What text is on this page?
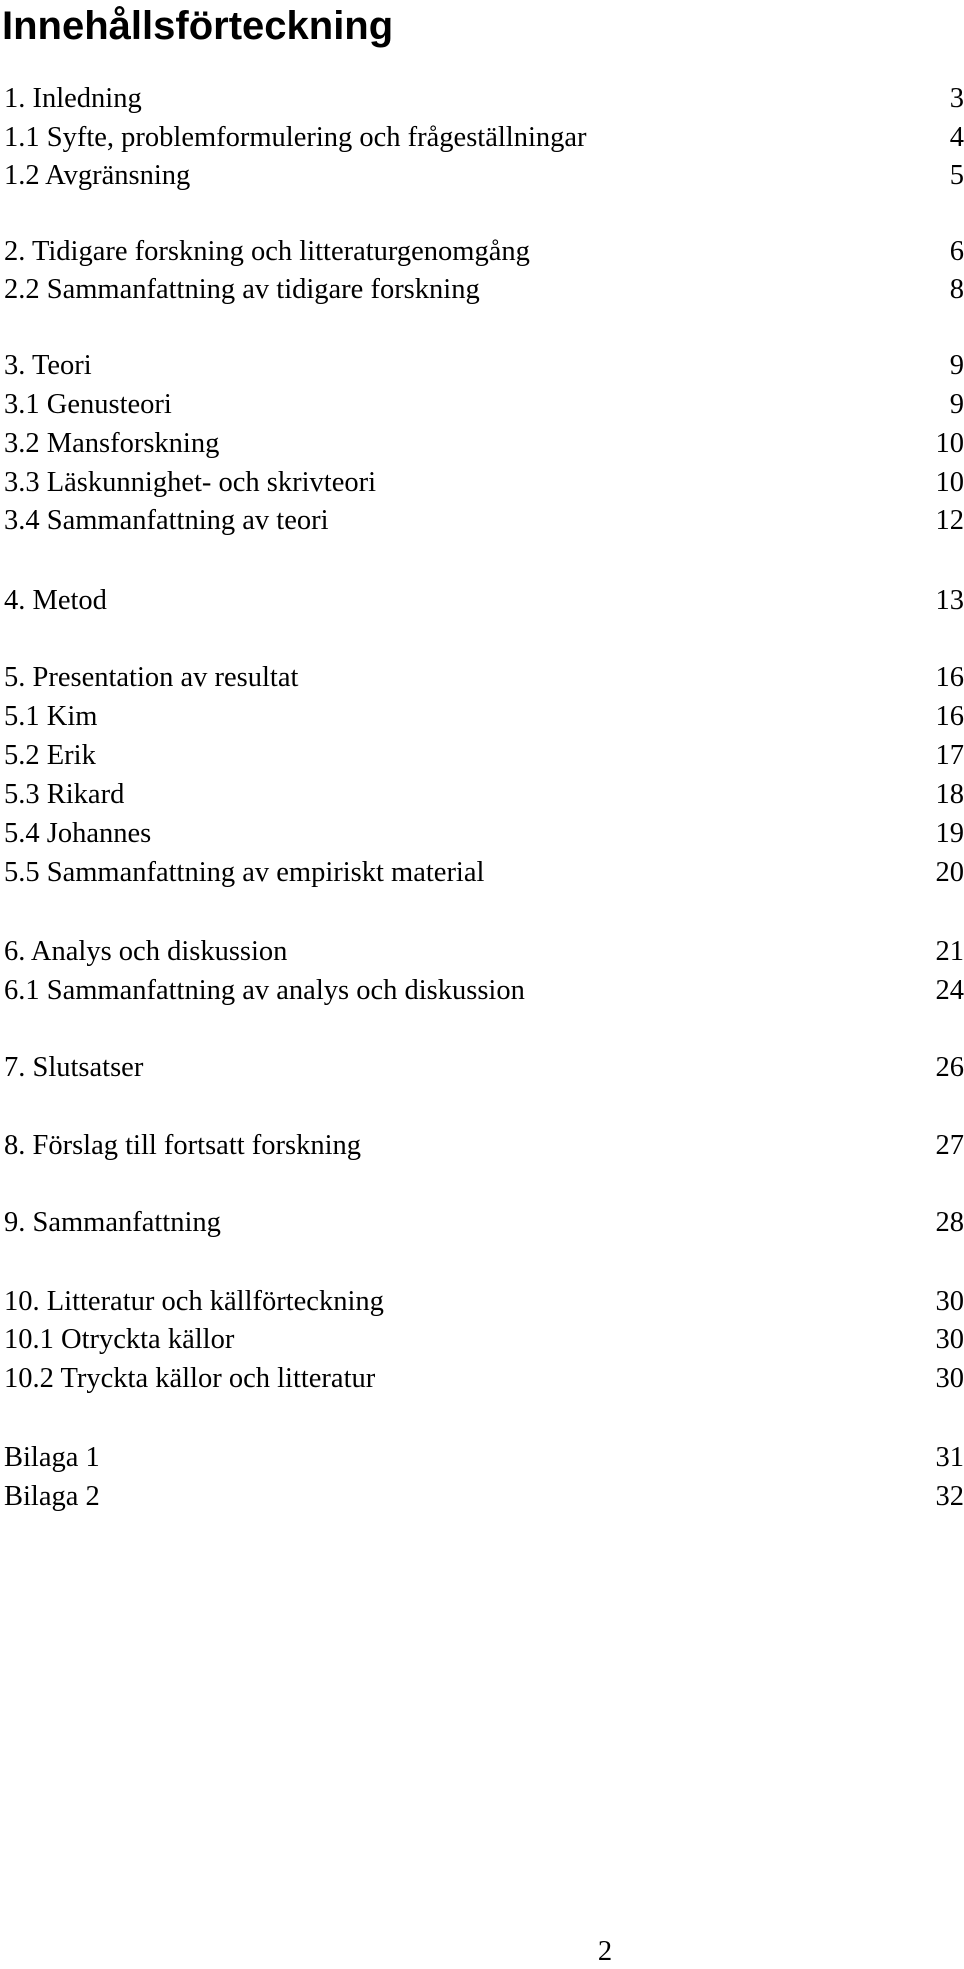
Innehållsförteckning
1. Inledning	3
1.1 Syfte, problemformulering och frågeställningar	4
1.2 Avgränsning	5
2. Tidigare forskning och litteraturgenomgång	6
2.2 Sammanfattning av tidigare forskning	8
3. Teori	9
3.1 Genusteori	9
3.2 Mansforskning	10
3.3 Läskunnighet- och skrivteori	10
3.4 Sammanfattning av teori	12
4. Metod	13
5. Presentation av resultat	16
5.1 Kim	16
5.2 Erik	17
5.3 Rikard	18
5.4 Johannes	19
5.5 Sammanfattning av empiriskt material	20
6. Analys och diskussion	21
6.1 Sammanfattning av analys och diskussion	24
7. Slutsatser	26
8. Förslag till fortsatt forskning	27
9. Sammanfattning	28
10. Litteratur och källförteckning	30
10.1 Otryckta källor	30
10.2 Tryckta källor och litteratur	30
Bilaga 1	31
Bilaga 2	32
2
